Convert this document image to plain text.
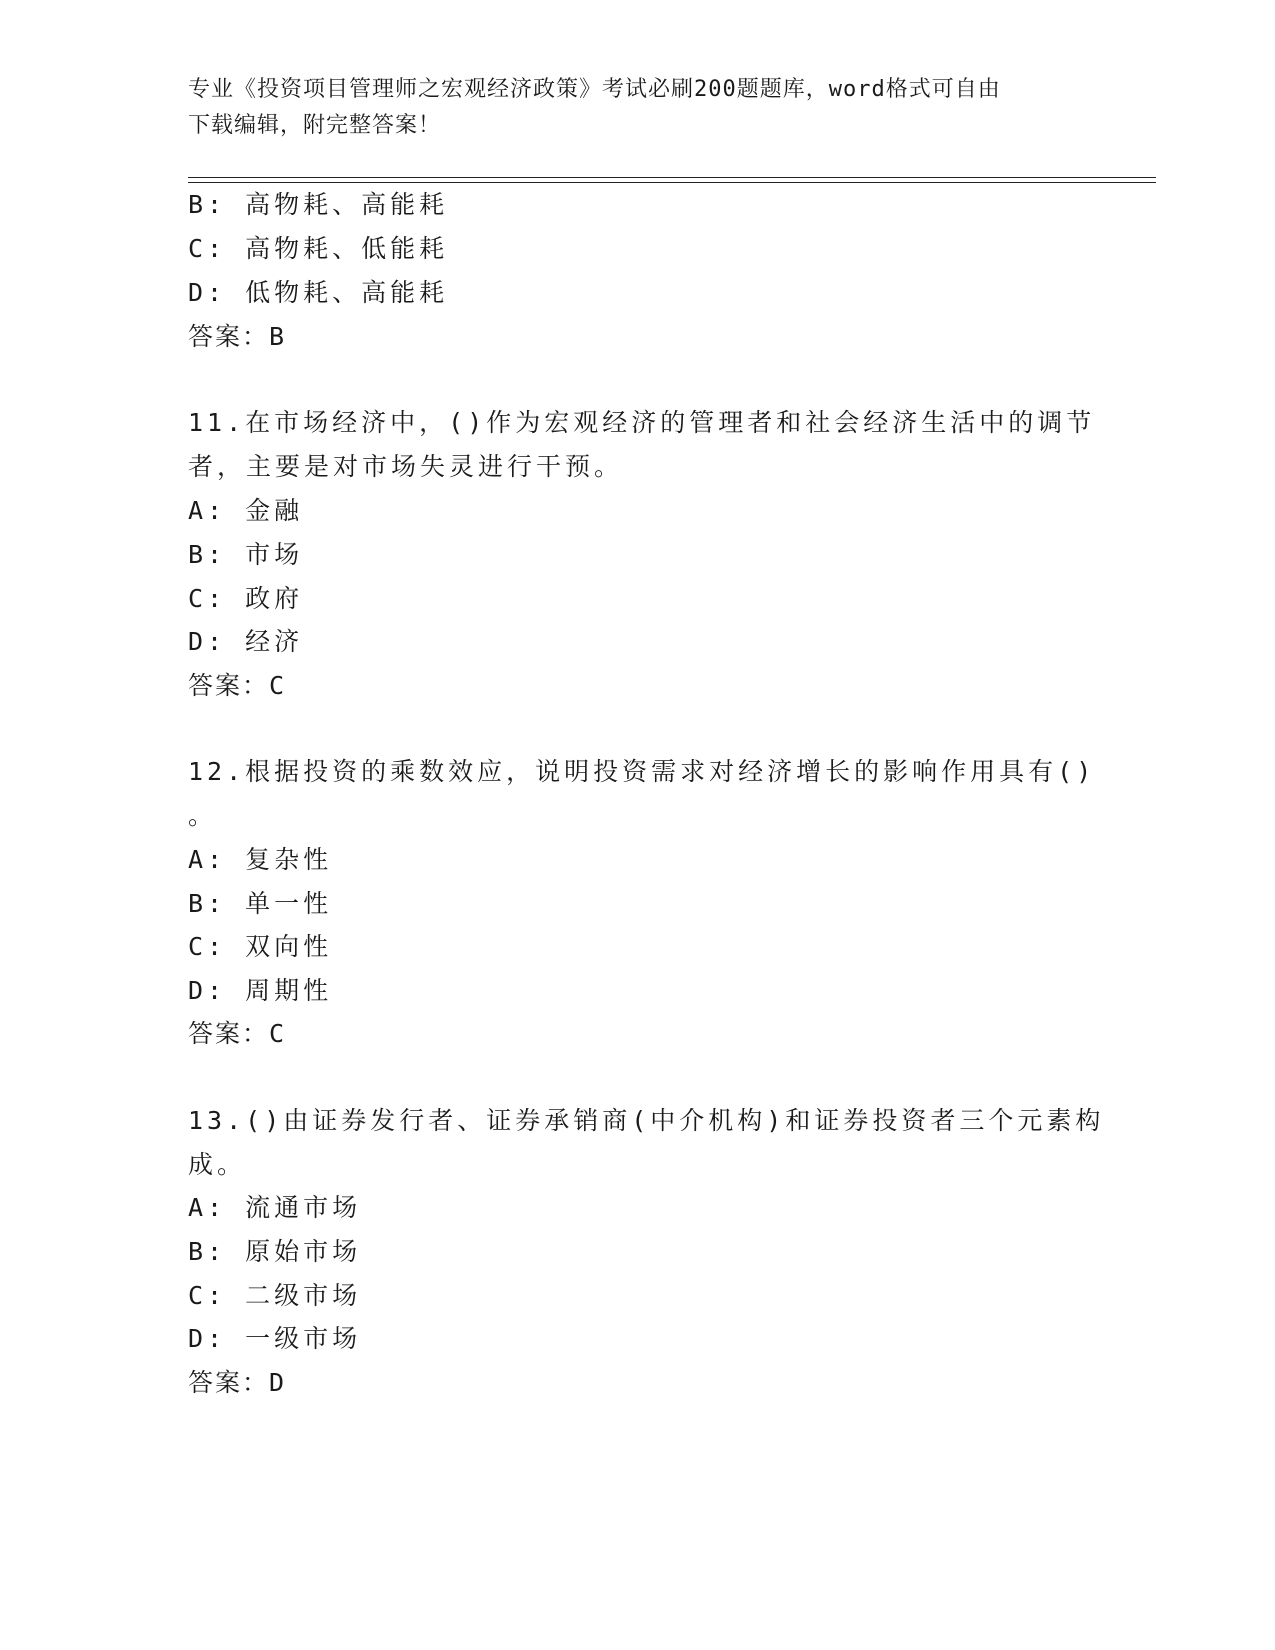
专业《投资项目管理师之宏观经济政策》考试必刷200题题库，word格式可自由
下载编辑，附完整答案！
B: 高物耗、高能耗
C: 高物耗、低能耗
D: 低物耗、高能耗
答案：B
11.在市场经济中，()作为宏观经济的管理者和社会经济生活中的调节
者，主要是对市场失灵进行干预。
A: 金融
B: 市场
C: 政府
D: 经济
答案：C
12.根据投资的乘数效应，说明投资需求对经济增长的影响作用具有()
。
A: 复杂性
B: 单一性
C: 双向性
D: 周期性
答案：C
13.()由证券发行者、证券承销商(中介机构)和证券投资者三个元素构
成。
A: 流通市场
B: 原始市场
C: 二级市场
D: 一级市场
答案：D
